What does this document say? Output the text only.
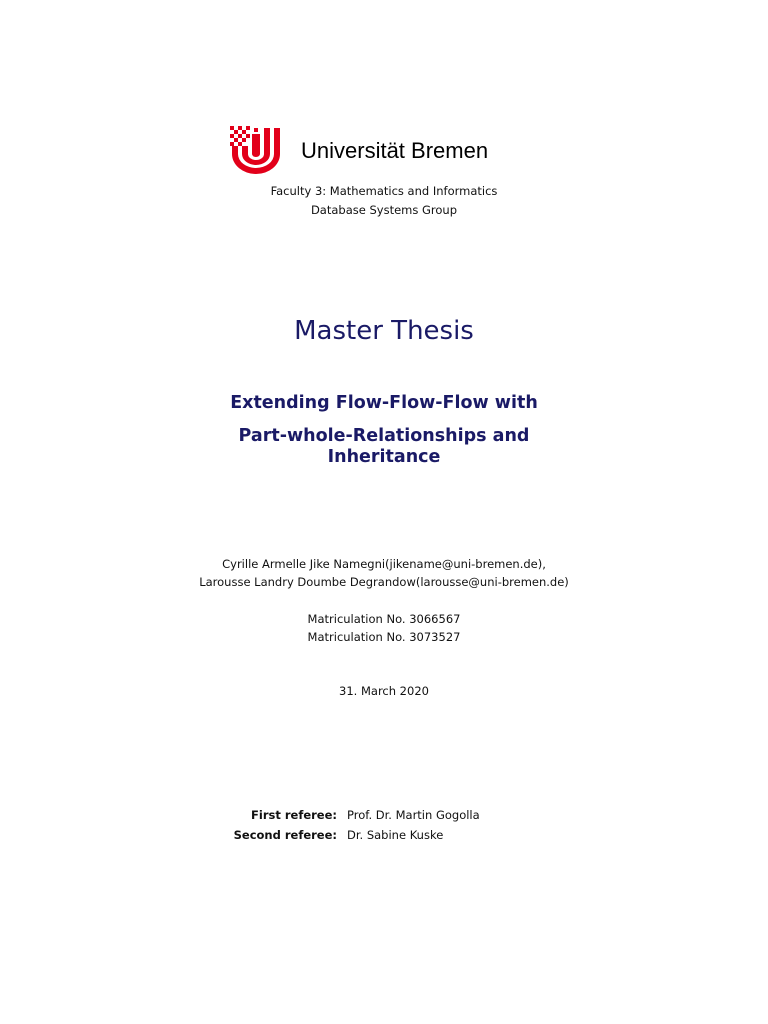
Universität Bremen
Faculty 3: Mathematics and Informatics
Database Systems Group
Master Thesis
Extending Flow-Flow-Flow with
Part-whole-Relationships and
Inheritance
Cyrille Armelle Jike Namegni(jikename@uni-bremen.de),
Larousse Landry Doumbe Degrandow(larousse@uni-bremen.de)
Matriculation No. 3066567
Matriculation No. 3073527
31. March 2020
First referee: Prof. Dr. Martin Gogolla
Second referee: Dr. Sabine Kuske
